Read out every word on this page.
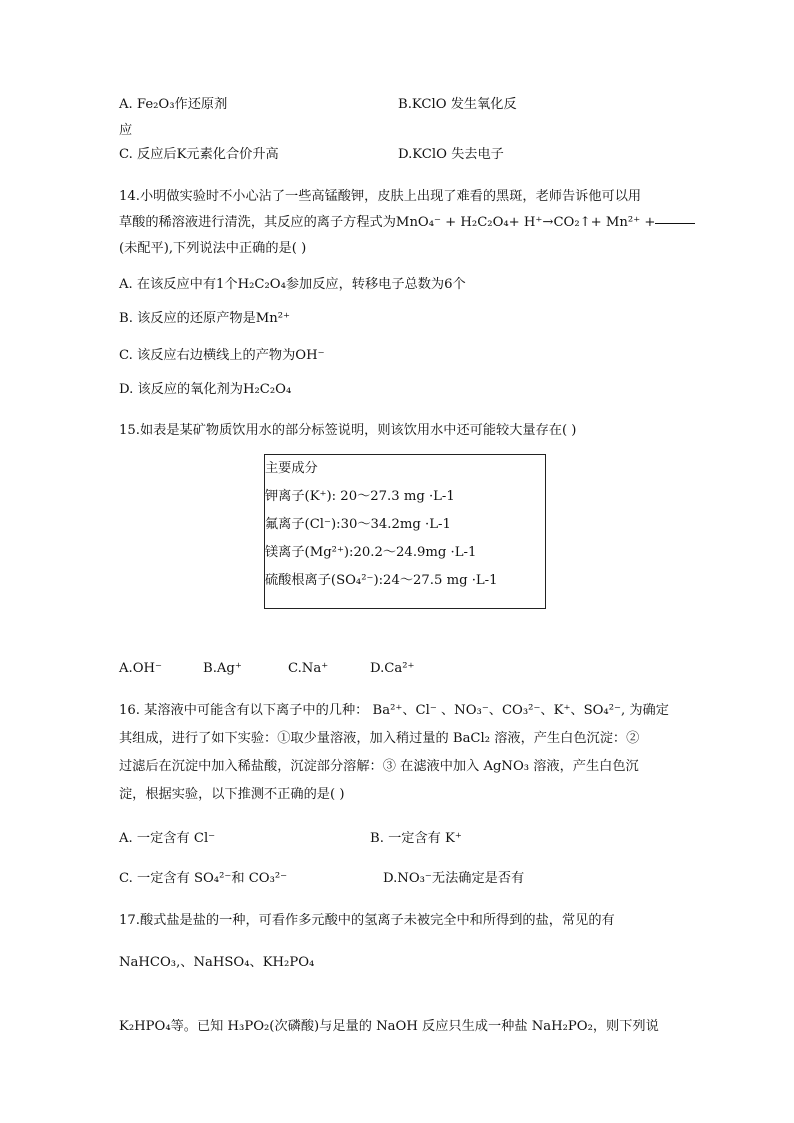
A. Fe₂O₃作还原剂	B.KClO 发生氧化反
应
C. 反应后K元素化合价升高	D.KClO 失去电子
14.小明做实验时不小心沾了一些高锰酸钾，皮肤上出现了难看的黑斑，老师告诉他可以用
草酸的稀溶液进行清洗，其反应的离子方程式为MnO₄⁻ + H₂C₂O₄+ H⁺→CO₂↑+ Mn²⁺ +
(未配平),下列说法中正确的是( )
A. 在该反应中有1个H₂C₂O₄参加反应，转移电子总数为6个
B. 该反应的还原产物是Mn²⁺
C. 该反应右边横线上的产物为OH⁻
D. 该反应的氧化剂为H₂C₂O₄
15.如表是某矿物质饮用水的部分标签说明，则该饮用水中还可能较大量存在( )
主要成分
钾离子(K⁺): 20～27.3 mg ·L-1
氟离子(Cl⁻):30～34.2mg ·L-1
镁离子(Mg²⁺):20.2～24.9mg ·L-1
硫酸根离子(SO₄²⁻):24～27.5 mg ·L-1
A.OH⁻	B.Ag⁺	C.Na⁺	D.Ca²⁺
16. 某溶液中可能含有以下离子中的几种： Ba²⁺、Cl⁻ 、NO₃⁻、CO₃²⁻、K⁺、SO₄²⁻, 为确定
其组成，进行了如下实验：①取少量溶液，加入稍过量的 BaCl₂ 溶液，产生白色沉淀：②
过滤后在沉淀中加入稀盐酸，沉淀部分溶解：③ 在滤液中加入 AgNO₃ 溶液，产生白色沉
淀，根据实验，以下推测不正确的是( )
A. 一定含有 Cl⁻	B. 一定含有 K⁺
C. 一定含有 SO₄²⁻和 CO₃²⁻	D.NO₃⁻无法确定是否有
17.酸式盐是盐的一种，可看作多元酸中的氢离子未被完全中和所得到的盐，常见的有
NaHCO₃,、NaHSO₄、KH₂PO₄
K₂HPO₄等。已知 H₃PO₂(次磷酸)与足量的 NaOH 反应只生成一种盐 NaH₂PO₂，则下列说
